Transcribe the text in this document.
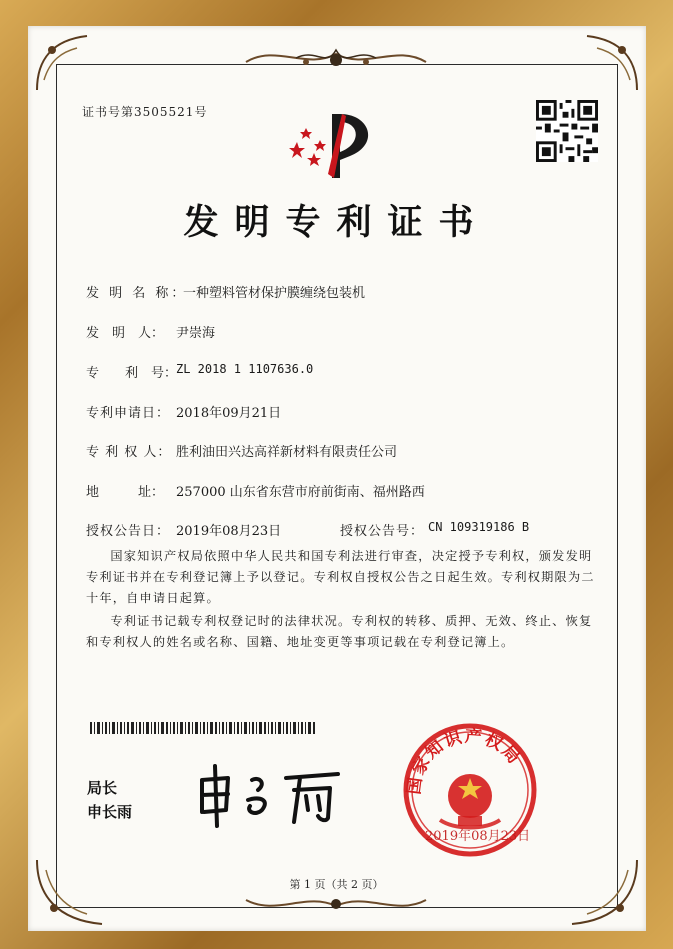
证书号第3505521号
发明专利证书
发 明 名 称：
一种塑料管材保护膜缠绕包装机
发　明　人： 尹崇海
专　　利　号：
ZL 2018 1 1107636.0
专利申请日： 2018年09月21日
专 利 权 人： 胜利油田兴达高祥新材料有限责任公司
地　　　址： 257000 山东省东营市府前街南、福州路西
授权公告日： 2019年08月23日	授权公告号： CN 109319186 B
国家知识产权局依照中华人民共和国专利法进行审查，决定授予专利权，颁发发明专利证书并在专利登记簿上予以登记。专利权自授权公告之日起生效。专利权期限为二十年，自申请日起算。
专利证书记载专利权登记时的法律状况。专利权的转移、质押、无效、终止、恢复和专利权人的姓名或名称、国籍、地址变更等事项记载在专利登记簿上。
局长
申长雨
国家知识产权局
2019年08月23日
第 1 页（共 2 页）
